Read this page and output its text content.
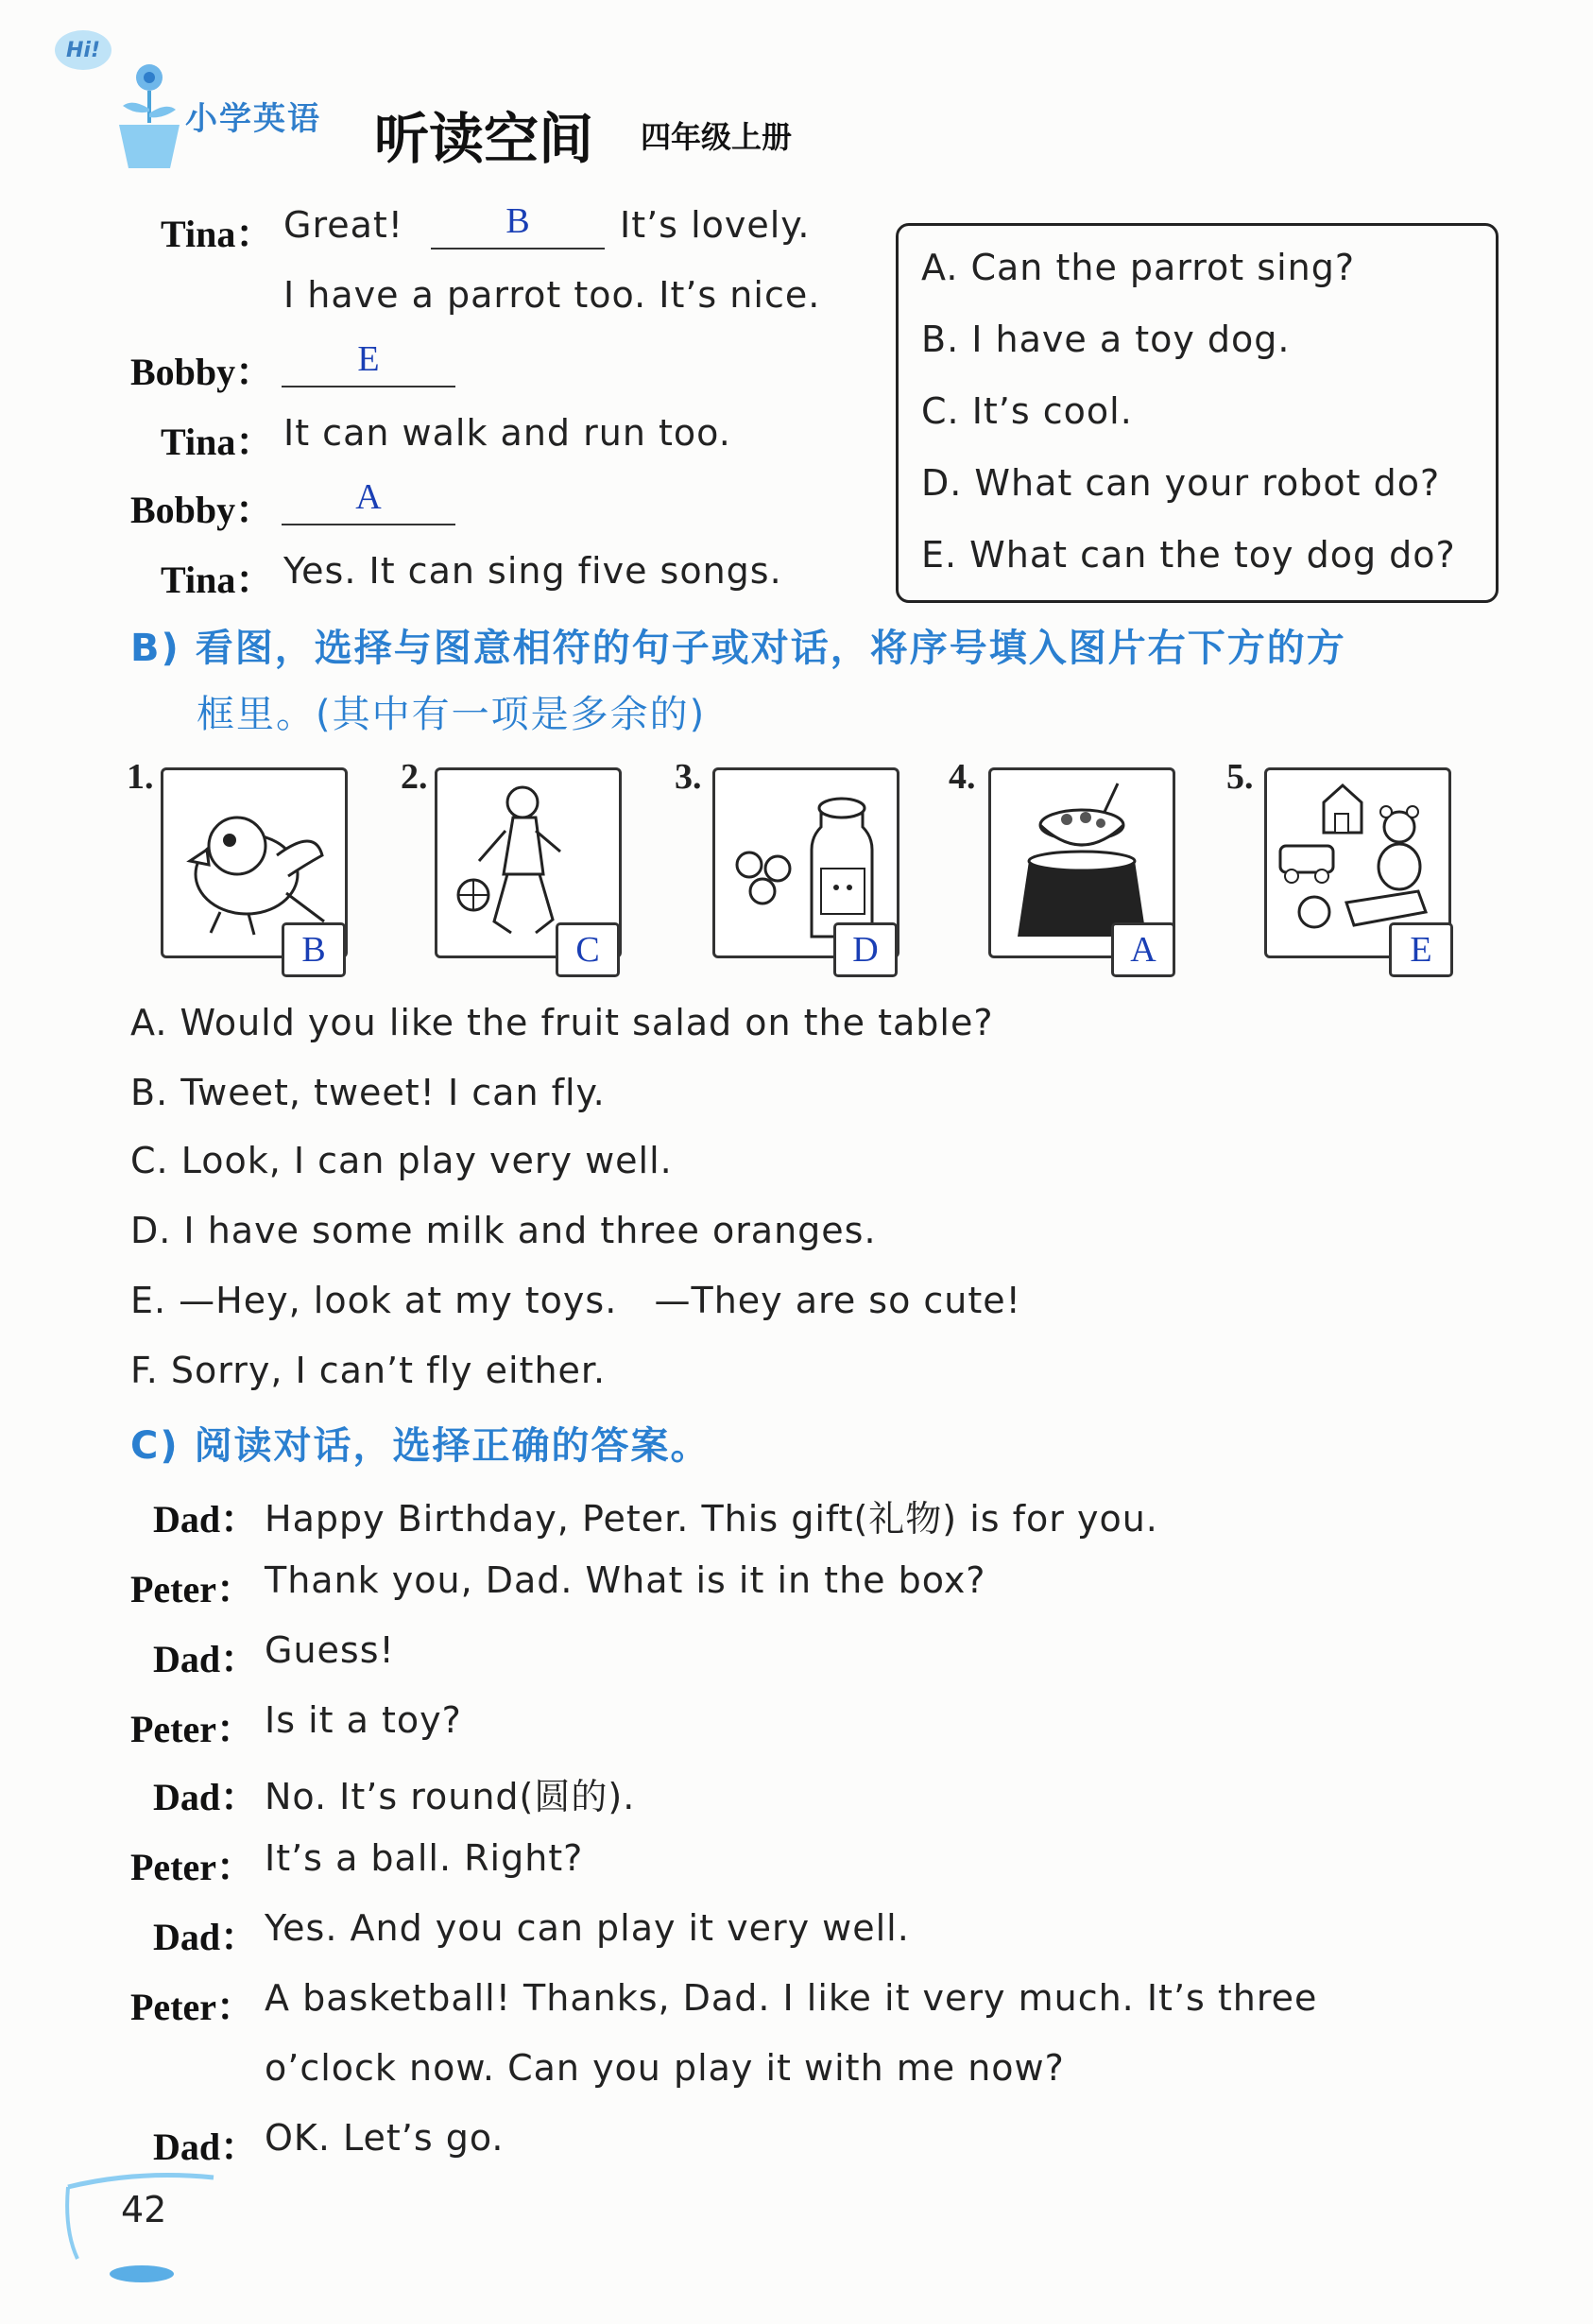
Hi!
小学英语 听读空间 四年级上册
Tina： Great!	B	It’s lovely.
I have a parrot too. It’s nice.
Bobby：	E
Tina： It can walk and run too.
Bobby：	A
Tina： Yes. It can sing five songs.
A. Can the parrot sing?
B. I have a toy dog.
C. It’s cool.
D. What can your robot do?
E. What can the toy dog do?
B) 看图，选择与图意相符的句子或对话，将序号填入图片右下方的方
框里。(其中有一项是多余的)
1.
B
2.
C
3.
D
4.
A
5.
E
A. Would you like the fruit salad on the table?
B. Tweet, tweet! I can fly.
C. Look, I can play very well.
D. I have some milk and three oranges.
E. —Hey, look at my toys.   —They are so cute!
F. Sorry, I can’t fly either.
C) 阅读对话，选择正确的答案。
Dad： Happy Birthday, Peter. This gift(礼物) is for you.
Peter： Thank you, Dad. What is it in the box?
Dad： Guess!
Peter： Is it a toy?
Dad： No. It’s round(圆的).
Peter： It’s a ball. Right?
Dad： Yes. And you can play it very well.
Peter： A basketball! Thanks, Dad. I like it very much. It’s three
o’clock now. Can you play it with me now?
Dad： OK. Let’s go.
42
